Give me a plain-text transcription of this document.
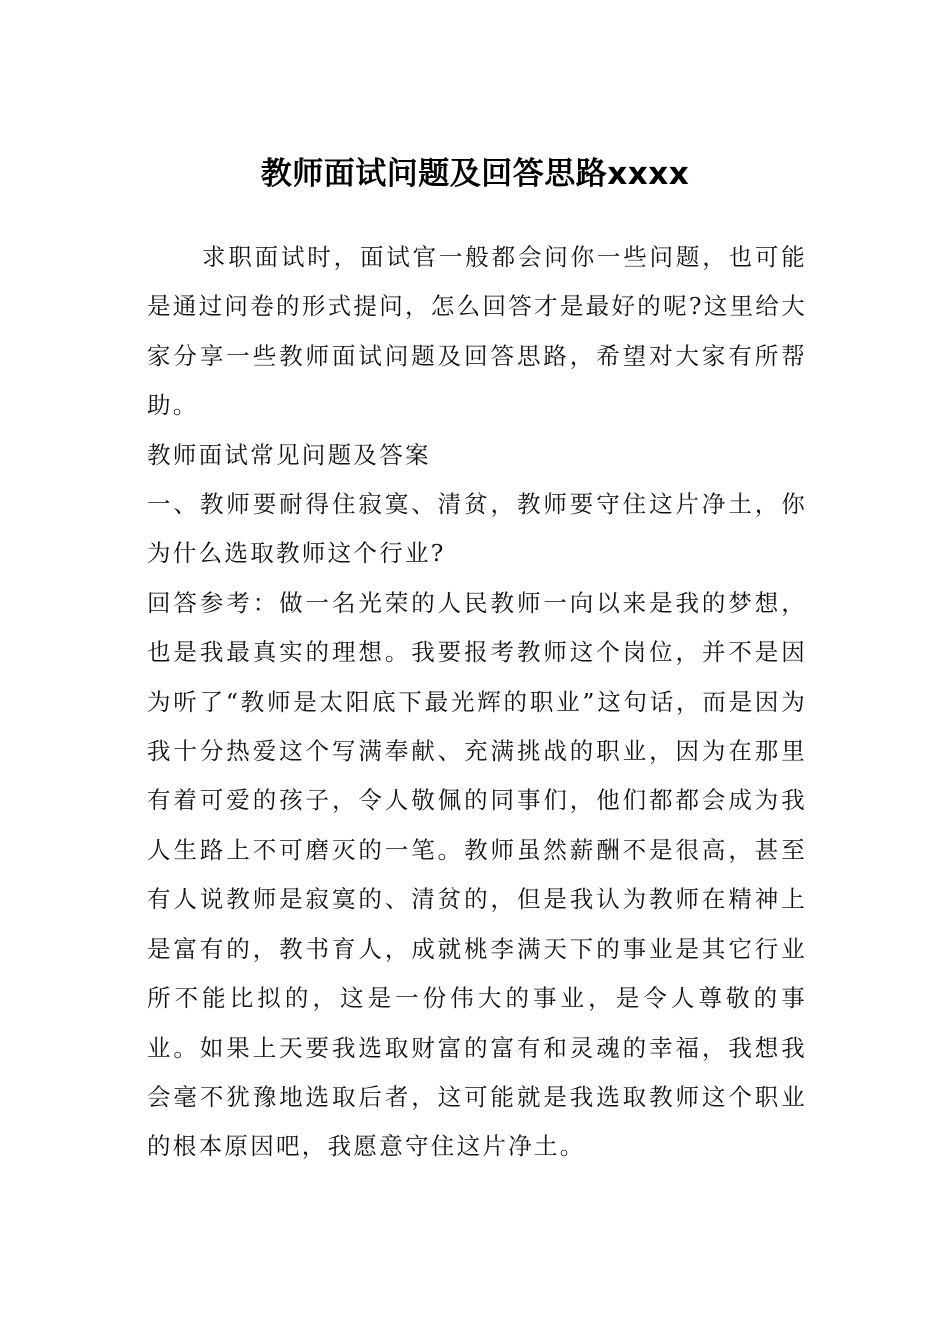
教师面试问题及回答思路xxxx

求职面试时，面试官一般都会问你一些问题，也可能是通过问卷的形式提问，怎么回答才是最好的呢?这里给大家分享一些教师面试问题及回答思路，希望对大家有所帮助。

教师面试常见问题及答案

一、教师要耐得住寂寞、清贫，教师要守住这片净土，你为什么选取教师这个行业?

回答参考：做一名光荣的人民教师一向以来是我的梦想，也是我最真实的理想。我要报考教师这个岗位，并不是因为听了“教师是太阳底下最光辉的职业”这句话，而是因为我十分热爱这个写满奉献、充满挑战的职业，因为在那里有着可爱的孩子，令人敬佩的同事们，他们都都会成为我人生路上不可磨灭的一笔。教师虽然薪酬不是很高，甚至有人说教师是寂寞的、清贫的，但是我认为教师在精神上是富有的，教书育人，成就桃李满天下的事业是其它行业所不能比拟的，这是一份伟大的事业，是令人尊敬的事业。如果上天要我选取财富的富有和灵魂的幸福，我想我会毫不犹豫地选取后者，这可能就是我选取教师这个职业的根本原因吧，我愿意守住这片净土。
